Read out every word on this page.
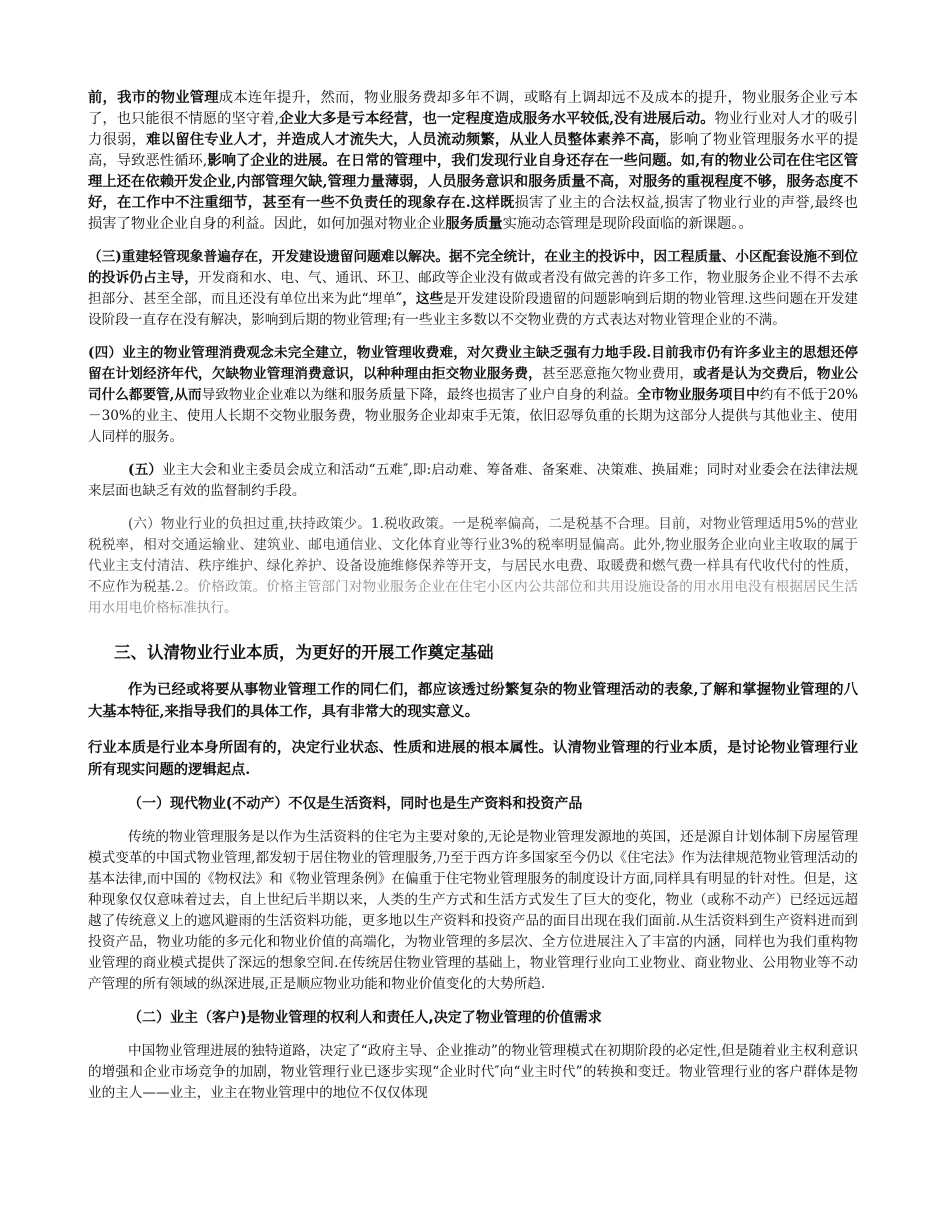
前，我市的物业管理成本连年提升，然而，物业服务费却多年不调，或略有上调却远不及成本的提升，物业服务企业亏本了，也只能很不情愿的坚守着,企业大多是亏本经营，也一定程度造成服务水平较低,没有进展后动。物业行业对人才的吸引力很弱，难以留住专业人才，并造成人才流失大，人员流动频繁，从业人员整体素养不高，影响了物业管理服务水平的提高，导致恶性循环,影响了企业的进展。在日常的管理中，我们发现行业自身还存在一些问题。如,有的物业公司在住宅区管理上还在依赖开发企业,内部管理欠缺,管理力量薄弱，人员服务意识和服务质量不高，对服务的重视程度不够，服务态度不好，在工作中不注重细节，甚至有一些不负责任的现象存在.这样既损害了业主的合法权益,损害了物业行业的声誉,最终也损害了物业企业自身的利益。因此，如何加强对物业企业服务质量实施动态管理是现阶段面临的新课题。。

（三)重建轻管现象普遍存在，开发建设遗留问题难以解决。据不完全统计，在业主的投诉中，因工程质量、小区配套设施不到位的投诉仍占主导，开发商和水、电、气、通讯、环卫、邮政等企业没有做或者没有做完善的许多工作，物业服务企业不得不去承担部分、甚至全部，而且还没有单位出来为此“埋单″，这些是开发建设阶段遗留的问题影响到后期的物业管理.这些问题在开发建设阶段一直存在没有解决，影响到后期的物业管理;有一些业主多数以不交物业费的方式表达对物业管理企业的不满。

(四）业主的物业管理消费观念未完全建立，物业管理收费难，对欠费业主缺乏强有力地手段.目前我市仍有许多业主的思想还停留在计划经济年代，欠缺物业管理消费意识，以种种理由拒交物业服务费，甚至恶意拖欠物业费用，或者是认为交费后，物业公司什么都要管,从而导致物业企业难以为继和服务质量下降，最终也损害了业户自身的利益。全市物业服务项目中约有不低于20%－30%的业主、使用人长期不交物业服务费，物业服务企业却束手无策，依旧忍辱负重的长期为这部分人提供与其他业主、使用人同样的服务。

(五）业主大会和业主委员会成立和活动“五难″,即:启动难、筹备难、备案难、决策难、换届难；同时对业委会在法律法规来层面也缺乏有效的监督制约手段。

(六）物业行业的负担过重,扶持政策少。1.税收政策。一是税率偏高，二是税基不合理。目前，对物业管理适用5%的营业税税率，相对交通运输业、建筑业、邮电通信业、文化体育业等行业3%的税率明显偏高。此外,物业服务企业向业主收取的属于代业主支付清洁、秩序维护、绿化养护、设备设施维修保养等开支，与居民水电费、取暖费和燃气费一样具有代收代付的性质，不应作为税基.2。价格政策。价格主管部门对物业服务企业在住宅小区内公共部位和共用设施设备的用水用电没有根据居民生活用水用电价格标准执行。

三、认清物业行业本质，为更好的开展工作奠定基础

作为已经或将要从事物业管理工作的同仁们，都应该透过纷繁复杂的物业管理活动的表象,了解和掌握物业管理的八大基本特征,来指导我们的具体工作，具有非常大的现实意义。

行业本质是行业本身所固有的，决定行业状态、性质和进展的根本属性。认清物业管理的行业本质，是讨论物业管理行业所有现实问题的逻辑起点.

（一）现代物业(不动产）不仅是生活资料，同时也是生产资料和投资产品

传统的物业管理服务是以作为生活资料的住宅为主要对象的,无论是物业管理发源地的英国，还是源自计划体制下房屋管理模式变革的中国式物业管理,都发轫于居住物业的管理服务,乃至于西方许多国家至今仍以《住宅法》作为法律规范物业管理活动的基本法律,而中国的《物权法》和《物业管理条例》在偏重于住宅物业管理服务的制度设计方面,同样具有明显的针对性。但是，这种现象仅仅意味着过去，自上世纪后半期以来，人类的生产方式和生活方式发生了巨大的变化，物业（或称不动产）已经远远超越了传统意义上的遮风避雨的生活资料功能，更多地以生产资料和投资产品的面目出现在我们面前.从生活资料到生产资料进而到投资产品，物业功能的多元化和物业价值的高端化，为物业管理的多层次、全方位进展注入了丰富的内涵，同样也为我们重构物业管理的商业模式提供了深远的想象空间.在传统居住物业管理的基础上，物业管理行业向工业物业、商业物业、公用物业等不动产管理的所有领域的纵深进展,正是顺应物业功能和物业价值变化的大势所趋.

（二）业主（客户)是物业管理的权利人和责任人,决定了物业管理的价值需求

中国物业管理进展的独特道路，决定了“政府主导、企业推动”的物业管理模式在初期阶段的必定性,但是随着业主权利意识的增强和企业市场竞争的加剧，物业管理行业已逐步实现“企业时代″向“业主时代”的转换和变迁。物业管理行业的客户群体是物业的主人——业主，业主在物业管理中的地位不仅仅体现
